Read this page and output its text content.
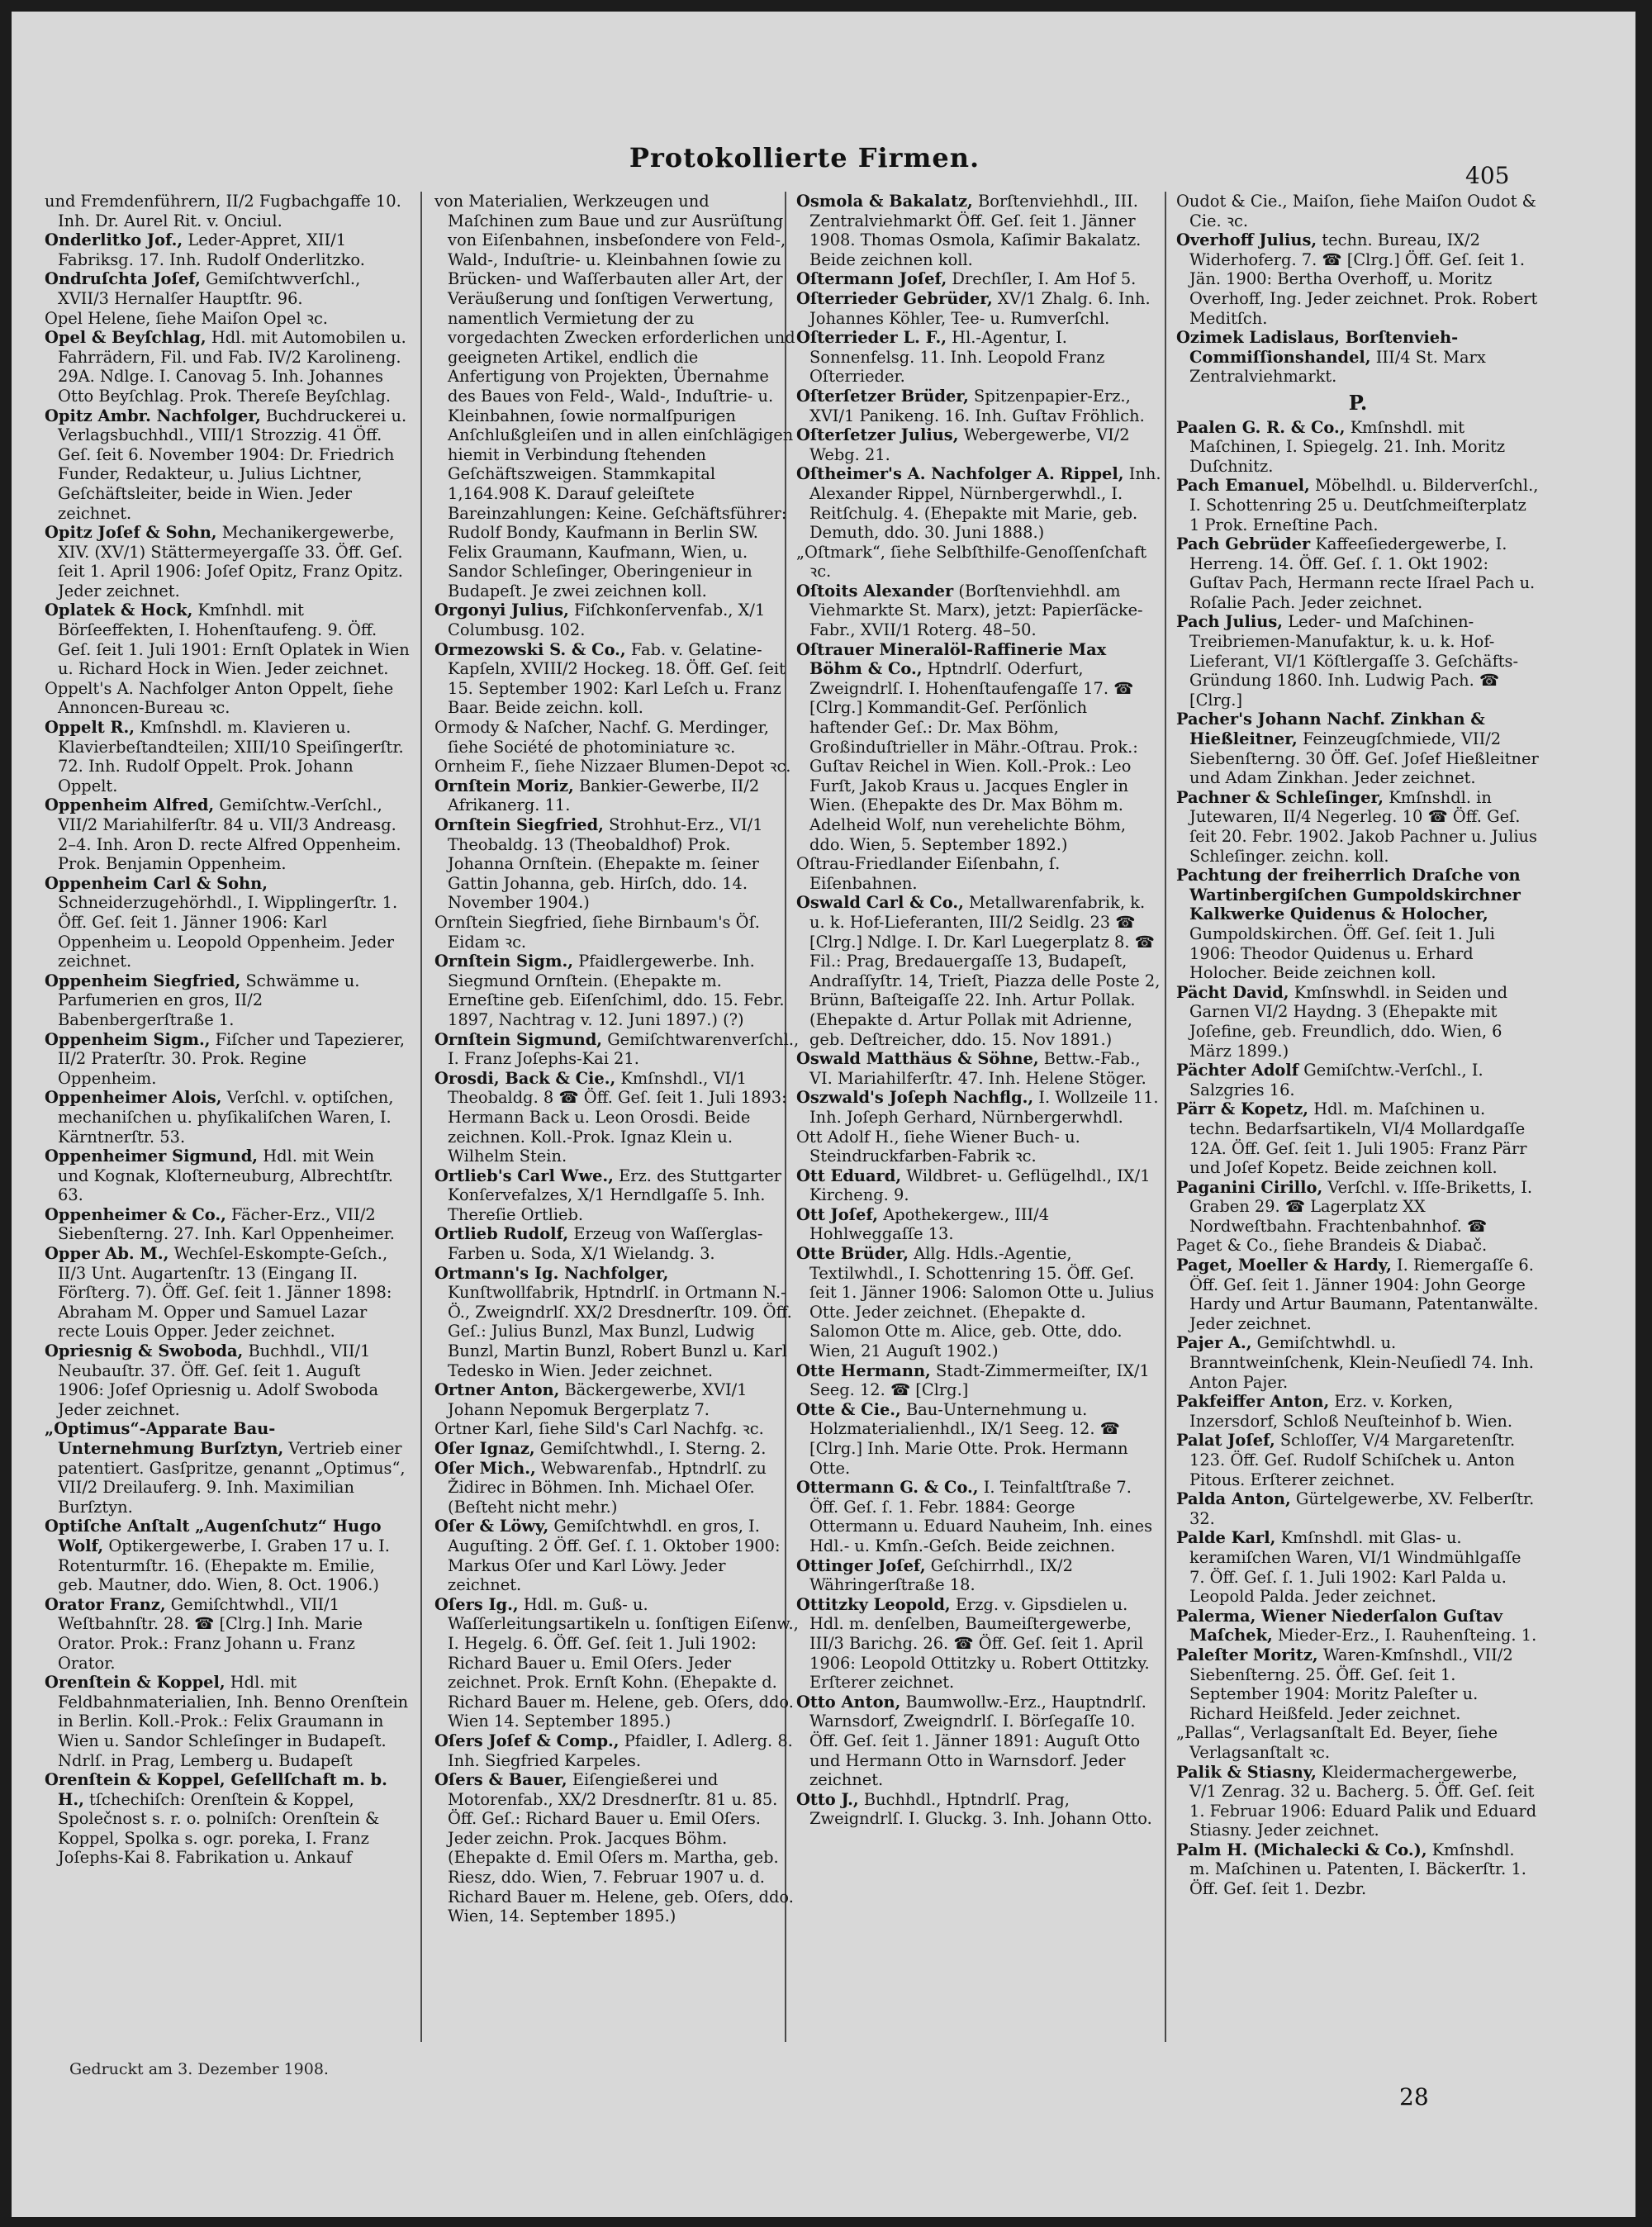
Protokollierte Firmen.
405

und Fremdenführern, II/2 Fugbachgaffe 10. Inh. Dr. Aurel Rit. v. Onciul.

Onderlitko Jof., Leder-Appret, XII/1 Fabriksg. 17. Inh. Rudolf Onderlitzko.

Ondruſchta Joſef, Gemiſchtwverſchl., XVII/3 Hernalſer Hauptſtr. 96.

Opel Helene, ſiehe Maiſon Opel ꝛc.

Opel & Beyſchlag, Hdl. mit Automobilen u. Fahrrädern, Fil. und Fab. IV/2 Karolineng. 29A. Ndlge. I. Canovag 5. Inh. Johannes Otto Beyſchlag. Prok. Thereſe Beyſchlag.

Opitz Ambr. Nachfolger, Buchdruckerei u. Verlagsbuchhdl., VIII/1 Strozzig. 41 Öff. Geſ. ſeit 6. November 1904: Dr. Friedrich Funder, Redakteur, u. Julius Lichtner, Geſchäftsleiter, beide in Wien. Jeder zeichnet.

Opitz Joſef & Sohn, Mechanikergewerbe, XIV. (XV/1) Stättermeyergaſſe 33. Öff. Geſ. ſeit 1. April 1906: Joſef Opitz, Franz Opitz. Jeder zeichnet.

Oplatek & Hock, Kmſnhdl. mit Börſeeffekten, I. Hohenſtaufeng. 9. Öff. Geſ. ſeit 1. Juli 1901: Ernſt Oplatek in Wien u. Richard Hock in Wien. Jeder zeichnet.

Oppelt's A. Nachfolger Anton Oppelt, ſiehe Annoncen-Bureau ꝛc.

Oppelt R., Kmſnshdl. m. Klavieren u. Klavierbeſtandteilen; XIII/10 Speiſingerſtr. 72. Inh. Rudolf Oppelt. Prok. Johann Oppelt.

Oppenheim Alfred, Gemiſchtw.-Verſchl., VII/2 Mariahilferſtr. 84 u. VII/3 Andreasg. 2–4. Inh. Aron D. recte Alfred Oppenheim. Prok. Benjamin Oppenheim.

Oppenheim Carl & Sohn, Schneiderzugehörhdl., I. Wipplingerſtr. 1. Öff. Geſ. ſeit 1. Jänner 1906: Karl Oppenheim u. Leopold Oppenheim. Jeder zeichnet.

Oppenheim Siegfried, Schwämme u. Parfumerien en gros, II/2 Babenbergerſtraße 1.

Oppenheim Sigm., Fiſcher und Tapezierer, II/2 Praterſtr. 30. Prok. Regine Oppenheim.

Oppenheimer Alois, Verſchl. v. optiſchen, mechaniſchen u. phyſikaliſchen Waren, I. Kärntnerſtr. 53.

Oppenheimer Sigmund, Hdl. mit Wein und Kognak, Kloſterneuburg, Albrechtſtr. 63.

Oppenheimer & Co., Fächer-Erz., VII/2 Siebenſterng. 27. Inh. Karl Oppenheimer.

Opper Ab. M., Wechſel-Eskompte-Geſch., II/3 Unt. Augartenſtr. 13 (Eingang II. Förſterg. 7). Öff. Geſ. ſeit 1. Jänner 1898: Abraham M. Opper und Samuel Lazar recte Louis Opper. Jeder zeichnet.

Opriesnig & Swoboda, Buchhdl., VII/1 Neubauſtr. 37. Öff. Geſ. ſeit 1. Auguſt 1906: Joſef Opriesnig u. Adolf Swoboda Jeder zeichnet.

„Optimus“-Apparate Bau-Unternehmung Burſztyn, Vertrieb einer patentiert. Gasſpritze, genannt „Optimus“, VII/2 Dreilauferg. 9. Inh. Maximilian Burſztyn.

Optiſche Anſtalt „Augenſchutz“ Hugo Wolf, Optikergewerbe, I. Graben 17 u. I. Rotenturmſtr. 16. (Ehepakte m. Emilie, geb. Mautner, ddo. Wien, 8. Oct. 1906.)

Orator Franz, Gemiſchtwhdl., VII/1 Weſtbahnſtr. 28. ☎ [Clrg.] Inh. Marie Orator. Prok.: Franz Johann u. Franz Orator.

Orenſtein & Koppel, Hdl. mit Feldbahnmaterialien, Inh. Benno Orenſtein in Berlin. Koll.-Prok.: Felix Graumann in Wien u. Sandor Schleſinger in Budapeſt. Ndrlſ. in Prag, Lemberg u. Budapeſt

Orenſtein & Koppel, Geſellſchaft m. b. H., tſchechiſch: Orenſtein & Koppel, Společnost s. r. o. polniſch: Orenſtein & Koppel, Spolka s. ogr. poreka, I. Franz Joſephs-Kai 8. Fabrikation u. Ankauf

von Materialien, Werkzeugen und Maſchinen zum Baue und zur Ausrüſtung von Eiſenbahnen, insbeſondere von Feld-, Wald-, Induſtrie- u. Kleinbahnen ſowie zu Brücken- und Waſſerbauten aller Art, der Veräußerung und ſonſtigen Verwertung, namentlich Vermietung der zu vorgedachten Zwecken erforderlichen und geeigneten Artikel, endlich die Anfertigung von Projekten, Übernahme des Baues von Feld-, Wald-, Induſtrie- u. Kleinbahnen, ſowie normalſpurigen Anſchlußgleiſen und in allen einſchlägigen hiemit in Verbindung ſtehenden Geſchäftszweigen. Stammkapital 1,164.908 K. Darauf geleiſtete Bareinzahlungen: Keine. Geſchäftsführer: Rudolf Bondy, Kaufmann in Berlin SW. Felix Graumann, Kaufmann, Wien, u. Sandor Schleſinger, Oberingenieur in Budapeſt. Je zwei zeichnen koll.

Orgonyi Julius, Fiſchkonſervenfab., X/1 Columbusg. 102.

Ormezowski S. & Co., Fab. v. Gelatine-Kapſeln, XVIII/2 Hockeg. 18. Öff. Geſ. ſeit 15. September 1902: Karl Leſch u. Franz Baar. Beide zeichn. koll.

Ormody & Naſcher, Nachf. G. Merdinger, ſiehe Société de photominiature ꝛc.

Ornheim F., ſiehe Nizzaer Blumen-Depot ꝛc.

Ornſtein Moriz, Bankier-Gewerbe, II/2 Afrikanerg. 11.

Ornſtein Siegfried, Strohhut-Erz., VI/1 Theobaldg. 13 (Theobaldhof) Prok. Johanna Ornſtein. (Ehepakte m. ſeiner Gattin Johanna, geb. Hirſch, ddo. 14. November 1904.)

Ornſtein Siegfried, ſiehe Birnbaum's Öſ. Eidam ꝛc.

Ornſtein Sigm., Pfaidlergewerbe. Inh. Siegmund Ornſtein. (Ehepakte m. Erneſtine geb. Eiſenſchiml, ddo. 15. Febr. 1897, Nachtrag v. 12. Juni 1897.) (?)

Ornſtein Sigmund, Gemiſchtwarenverſchl., I. Franz Joſephs-Kai 21.

Orosdi, Back & Cie., Kmſnshdl., VI/1 Theobaldg. 8 ☎ Öff. Geſ. ſeit 1. Juli 1893: Hermann Back u. Leon Orosdi. Beide zeichnen. Koll.-Prok. Ignaz Klein u. Wilhelm Stein.

Ortlieb's Carl Wwe., Erz. des Stuttgarter Konſervefalzes, X/1 Herndlgaſſe 5. Inh. Thereſie Ortlieb.

Ortlieb Rudolf, Erzeug von Waſſerglas-Farben u. Soda, X/1 Wielandg. 3.

Ortmann's Ig. Nachfolger, Kunſtwollfabrik, Hptndrlſ. in Ortmann N.-Ö., Zweigndrlſ. XX/2 Dresdnerſtr. 109. Öff. Geſ.: Julius Bunzl, Max Bunzl, Ludwig Bunzl, Martin Bunzl, Robert Bunzl u. Karl Tedesko in Wien. Jeder zeichnet.

Ortner Anton, Bäckergewerbe, XVI/1 Johann Nepomuk Bergerplatz 7.

Ortner Karl, ſiehe Sild's Carl Nachfg. ꝛc.

Oſer Ignaz, Gemiſchtwhdl., I. Sterng. 2.

Oſer Mich., Webwarenfab., Hptndrlſ. zu Židirec in Böhmen. Inh. Michael Oſer. (Beſteht nicht mehr.)

Oſer & Löwy, Gemiſchtwhdl. en gros, I. Auguſting. 2 Öff. Geſ. ſ. 1. Oktober 1900: Markus Oſer und Karl Löwy. Jeder zeichnet.

Oſers Ig., Hdl. m. Guß- u. Waſſerleitungsartikeln u. ſonſtigen Eiſenw., I. Hegelg. 6. Öff. Geſ. ſeit 1. Juli 1902: Richard Bauer u. Emil Oſers. Jeder zeichnet. Prok. Ernſt Kohn. (Ehepakte d. Richard Bauer m. Helene, geb. Oſers, ddo. Wien 14. September 1895.)

Oſers Joſef & Comp., Pfaidler, I. Adlerg. 8. Inh. Siegfried Karpeles.

Oſers & Bauer, Eiſengießerei und Motorenfab., XX/2 Dresdnerſtr. 81 u. 85. Öff. Geſ.: Richard Bauer u. Emil Oſers. Jeder zeichn. Prok. Jacques Böhm. (Ehepakte d. Emil Oſers m. Martha, geb. Riesz, ddo. Wien, 7. Februar 1907 u. d. Richard Bauer m. Helene, geb. Oſers, ddo. Wien, 14. September 1895.)

Osmola & Bakalatz, Borſtenviehhdl., III. Zentralviehmarkt Öff. Geſ. ſeit 1. Jänner 1908. Thomas Osmola, Kaſimir Bakalatz. Beide zeichnen koll.

Oſtermann Joſef, Drechſler, I. Am Hof 5.

Oſterrieder Gebrüder, XV/1 Zhalg. 6. Inh. Johannes Köhler, Tee- u. Rumverſchl.

Oſterrieder L. F., Hl.-Agentur, I. Sonnenfelsg. 11. Inh. Leopold Franz Oſterrieder.

Oſterſetzer Brüder, Spitzenpapier-Erz., XVI/1 Panikeng. 16. Inh. Guſtav Fröhlich.

Oſterſetzer Julius, Webergewerbe, VI/2 Webg. 21.

Oſtheimer's A. Nachfolger A. Rippel, Inh. Alexander Rippel, Nürnbergerwhdl., I. Reitſchulg. 4. (Ehepakte mit Marie, geb. Demuth, ddo. 30. Juni 1888.)

„Oſtmark“, ſiehe Selbſthilfe-Genoſſenſchaft ꝛc.

Oſtoits Alexander (Borſtenviehhdl. am Viehmarkte St. Marx), jetzt: Papierſäcke-Fabr., XVII/1 Roterg. 48–50.

Oſtrauer Mineralöl-Raffinerie Max Böhm & Co., Hptndrlſ. Oderfurt, Zweigndrlſ. I. Hohenſtaufengaſſe 17. ☎ [Clrg.] Kommandit-Geſ. Perſönlich haftender Geſ.: Dr. Max Böhm, Großinduſtrieller in Mähr.-Oſtrau. Prok.: Guſtav Reichel in Wien. Koll.-Prok.: Leo Furſt, Jakob Kraus u. Jacques Engler in Wien. (Ehepakte des Dr. Max Böhm m. Adelheid Wolf, nun verehelichte Böhm, ddo. Wien, 5. September 1892.)

Oſtrau-Friedlander Eiſenbahn, ſ. Eiſenbahnen.

Oswald Carl & Co., Metallwarenfabrik, k. u. k. Hof-Lieferanten, III/2 Seidlg. 23 ☎ [Clrg.] Ndlge. I. Dr. Karl Luegerplatz 8. ☎ Fil.: Prag, Bredauergaſſe 13, Budapeſt, Andraſſyſtr. 14, Trieſt, Piazza delle Poste 2, Brünn, Baſteigaſſe 22. Inh. Artur Pollak. (Ehepakte d. Artur Pollak mit Adrienne, geb. Deſtreicher, ddo. 15. Nov 1891.)

Oswald Matthäus & Söhne, Bettw.-Fab., VI. Mariahilferſtr. 47. Inh. Helene Stöger.

Oszwald's Joſeph Nachflg., I. Wollzeile 11. Inh. Joſeph Gerhard, Nürnbergerwhdl.

Ott Adolf H., ſiehe Wiener Buch- u. Steindruckfarben-Fabrik ꝛc.

Ott Eduard, Wildbret- u. Geflügelhdl., IX/1 Kircheng. 9.

Ott Joſef, Apothekergew., III/4 Hohlweggaſſe 13.

Otte Brüder, Allg. Hdls.-Agentie, Textilwhdl., I. Schottenring 15. Öff. Geſ. ſeit 1. Jänner 1906: Salomon Otte u. Julius Otte. Jeder zeichnet. (Ehepakte d. Salomon Otte m. Alice, geb. Otte, ddo. Wien, 21 Auguſt 1902.)

Otte Hermann, Stadt-Zimmermeiſter, IX/1 Seeg. 12. ☎ [Clrg.]

Otte & Cie., Bau-Unternehmung u. Holzmaterialienhdl., IX/1 Seeg. 12. ☎ [Clrg.] Inh. Marie Otte. Prok. Hermann Otte.

Ottermann G. & Co., I. Teinfaltſtraße 7. Öff. Geſ. ſ. 1. Febr. 1884: George Ottermann u. Eduard Nauheim, Inh. eines Hdl.- u. Kmſn.-Geſch. Beide zeichnen.

Ottinger Joſef, Geſchirrhdl., IX/2 Währingerſtraße 18.

Ottitzky Leopold, Erzg. v. Gipsdielen u. Hdl. m. denſelben, Baumeiſtergewerbe, III/3 Barichg. 26. ☎ Öff. Geſ. ſeit 1. April 1906: Leopold Ottitzky u. Robert Ottitzky. Erſterer zeichnet.

Otto Anton, Baumwollw.-Erz., Hauptndrlſ. Warnsdorf, Zweigndrlſ. I. Börſegaſſe 10. Öff. Geſ. ſeit 1. Jänner 1891: Auguſt Otto und Hermann Otto in Warnsdorf. Jeder zeichnet.

Otto J., Buchhdl., Hptndrlſ. Prag, Zweigndrlſ. I. Gluckg. 3. Inh. Johann Otto.

Oudot & Cie., Maiſon, ſiehe Maiſon Oudot & Cie. ꝛc.

Overhoff Julius, techn. Bureau, IX/2 Widerhoferg. 7. ☎ [Clrg.] Öff. Geſ. ſeit 1. Jän. 1900: Bertha Overhoff, u. Moritz Overhoff, Ing. Jeder zeichnet. Prok. Robert Meditſch.

Ozimek Ladislaus, Borſtenvieh-Commiſſionshandel, III/4 St. Marx Zentralviehmarkt.

P.

Paalen G. R. & Co., Kmſnshdl. mit Maſchinen, I. Spiegelg. 21. Inh. Moritz Duſchnitz.

Pach Emanuel, Möbelhdl. u. Bilderverſchl., I. Schottenring 25 u. Deutſchmeiſterplatz 1 Prok. Erneſtine Pach.

Pach Gebrüder Kaffeeſiedergewerbe, I. Herreng. 14. Öff. Geſ. ſ. 1. Okt 1902: Guſtav Pach, Hermann recte Iſrael Pach u. Roſalie Pach. Jeder zeichnet.

Pach Julius, Leder- und Maſchinen-Treibriemen-Manufaktur, k. u. k. Hof-Lieferant, VI/1 Köſtlergaſſe 3. Geſchäfts-Gründung 1860. Inh. Ludwig Pach. ☎ [Clrg.]

Pacher's Johann Nachf. Zinkhan & Hießleitner, Feinzeugſchmiede, VII/2 Siebenſterng. 30 Öff. Geſ. Joſef Hießleitner und Adam Zinkhan. Jeder zeichnet.

Pachner & Schleſinger, Kmſnshdl. in Jutewaren, II/4 Negerleg. 10 ☎ Öff. Geſ. ſeit 20. Febr. 1902. Jakob Pachner u. Julius Schleſinger. zeichn. koll.

Pachtung der freiherrlich Draſche von Wartinbergiſchen Gumpoldskirchner Kalkwerke Quidenus & Holocher, Gumpoldskirchen. Öff. Geſ. ſeit 1. Juli 1906: Theodor Quidenus u. Erhard Holocher. Beide zeichnen koll.

Pächt David, Kmſnswhdl. in Seiden und Garnen VI/2 Haydng. 3 (Ehepakte mit Joſefine, geb. Freundlich, ddo. Wien, 6 März 1899.)

Pächter Adolf Gemiſchtw.-Verſchl., I. Salzgries 16.

Pärr & Kopetz, Hdl. m. Maſchinen u. techn. Bedarfsartikeln, VI/4 Mollardgaſſe 12A. Öff. Geſ. ſeit 1. Juli 1905: Franz Pärr und Joſef Kopetz. Beide zeichnen koll.

Paganini Cirillo, Verſchl. v. Iſſe-Briketts, I. Graben 29. ☎ Lagerplatz XX Nordweſtbahn. Frachtenbahnhof. ☎

Paget & Co., ſiehe Brandeis & Diabač.

Paget, Moeller & Hardy, I. Riemergaſſe 6. Öff. Geſ. ſeit 1. Jänner 1904: John George Hardy und Artur Baumann, Patentanwälte. Jeder zeichnet.

Pajer A., Gemiſchtwhdl. u. Branntweinſchenk, Klein-Neuſiedl 74. Inh. Anton Pajer.

Pakfeiffer Anton, Erz. v. Korken, Inzersdorf, Schloß Neuſteinhof b. Wien.

Palat Joſef, Schloſſer, V/4 Margaretenſtr. 123. Öff. Geſ. Rudolf Schiſchek u. Anton Pitous. Erſterer zeichnet.

Palda Anton, Gürtelgewerbe, XV. Felberſtr. 32.

Palde Karl, Kmſnshdl. mit Glas- u. keramiſchen Waren, VI/1 Windmühlgaſſe 7. Öff. Geſ. ſ. 1. Juli 1902: Karl Palda u. Leopold Palda. Jeder zeichnet.

Palerma, Wiener Niederſalon Guſtav Maſchek, Mieder-Erz., I. Rauhenſteing. 1.

Paleſter Moritz, Waren-Kmſnshdl., VII/2 Siebenſterng. 25. Öff. Geſ. ſeit 1. September 1904: Moritz Paleſter u. Richard Heißfeld. Jeder zeichnet.

„Pallas“, Verlagsanſtalt Ed. Beyer, ſiehe Verlagsanſtalt ꝛc.

Palik & Stiasny, Kleidermachergewerbe, V/1 Zenrag. 32 u. Bacherg. 5. Öff. Geſ. ſeit 1. Februar 1906: Eduard Palik und Eduard Stiasny. Jeder zeichnet.

Palm H. (Michalecki & Co.), Kmſnshdl. m. Maſchinen u. Patenten, I. Bäckerſtr. 1. Öff. Geſ. ſeit 1. Dezbr.

Gedruckt am 3. Dezember 1908.
28
